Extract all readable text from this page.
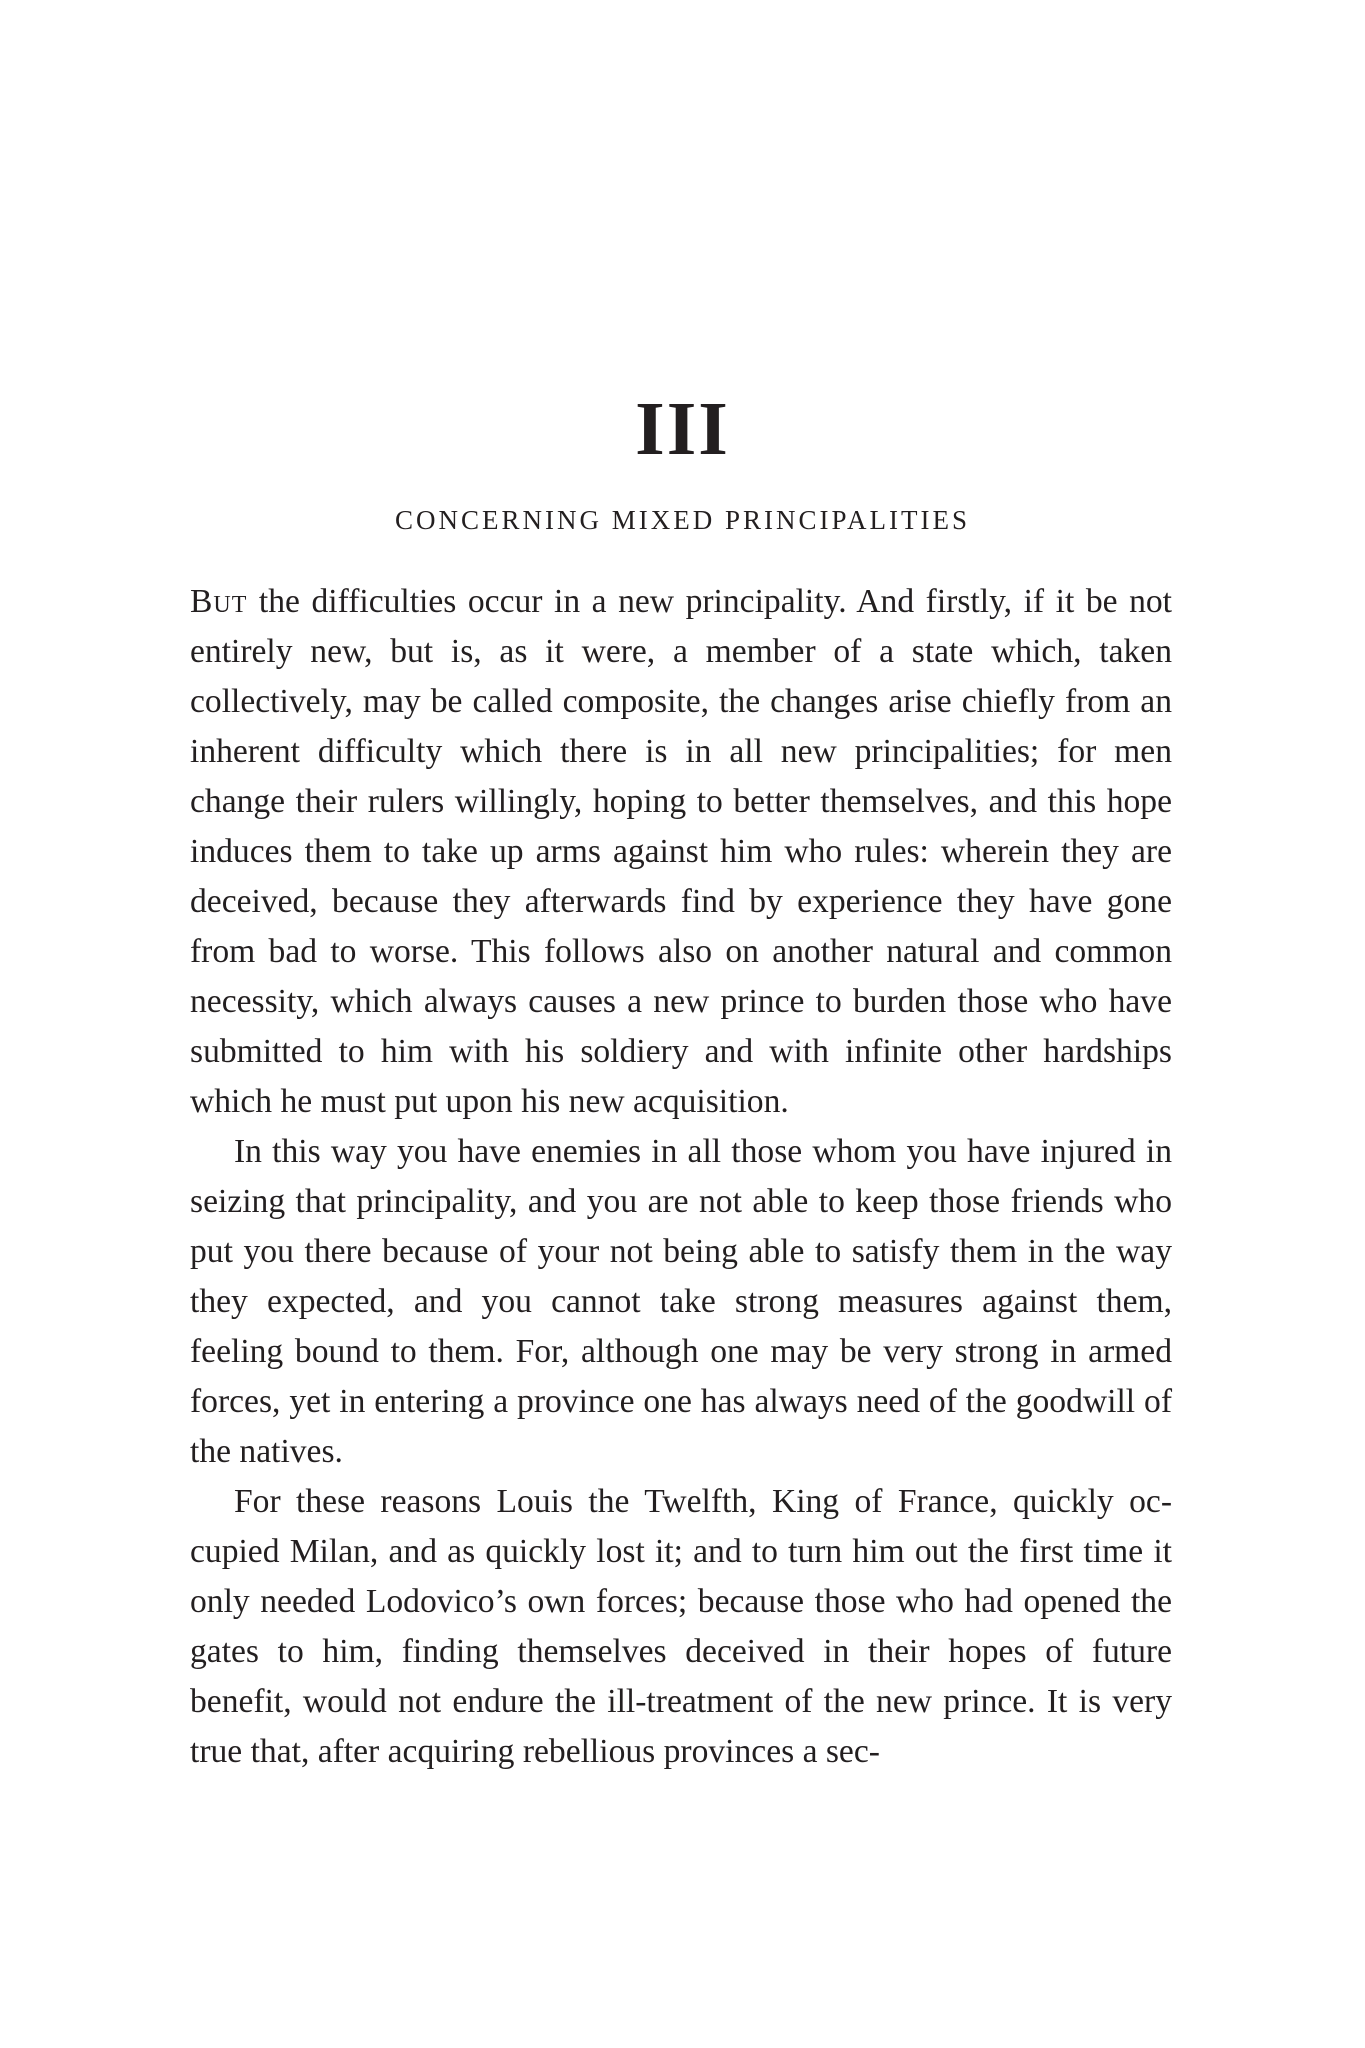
III
CONCERNING MIXED PRINCIPALITIES

But the difficulties occur in a new principality. And firstly, if it be not entirely new, but is, as it were, a member of a state which, taken collectively, may be called composite, the changes arise chiefly from an inherent difficulty which there is in all new principalities; for men change their rulers willingly, hoping to better themselves, and this hope induces them to take up arms against him who rules: wherein they are deceived, because they afterwards find by experience they have gone from bad to worse. This follows also on another natural and common necessity, which always causes a new prince to burden those who have submitted to him with his soldiery and with infinite other hardships which he must put upon his new acquisition.

In this way you have enemies in all those whom you have injured in seizing that principality, and you are not able to keep those friends who put you there because of your not being able to satisfy them in the way they expected, and you cannot take strong measures against them, feeling bound to them. For, although one may be very strong in armed forces, yet in entering a province one has always need of the goodwill of the natives.

For these reasons Louis the Twelfth, King of France, quickly occupied Milan, and as quickly lost it; and to turn him out the first time it only needed Lodovico’s own forces; because those who had opened the gates to him, finding themselves deceived in their hopes of future benefit, would not endure the ill-treatment of the new prince. It is very true that, after acquiring rebellious provinces a sec-
